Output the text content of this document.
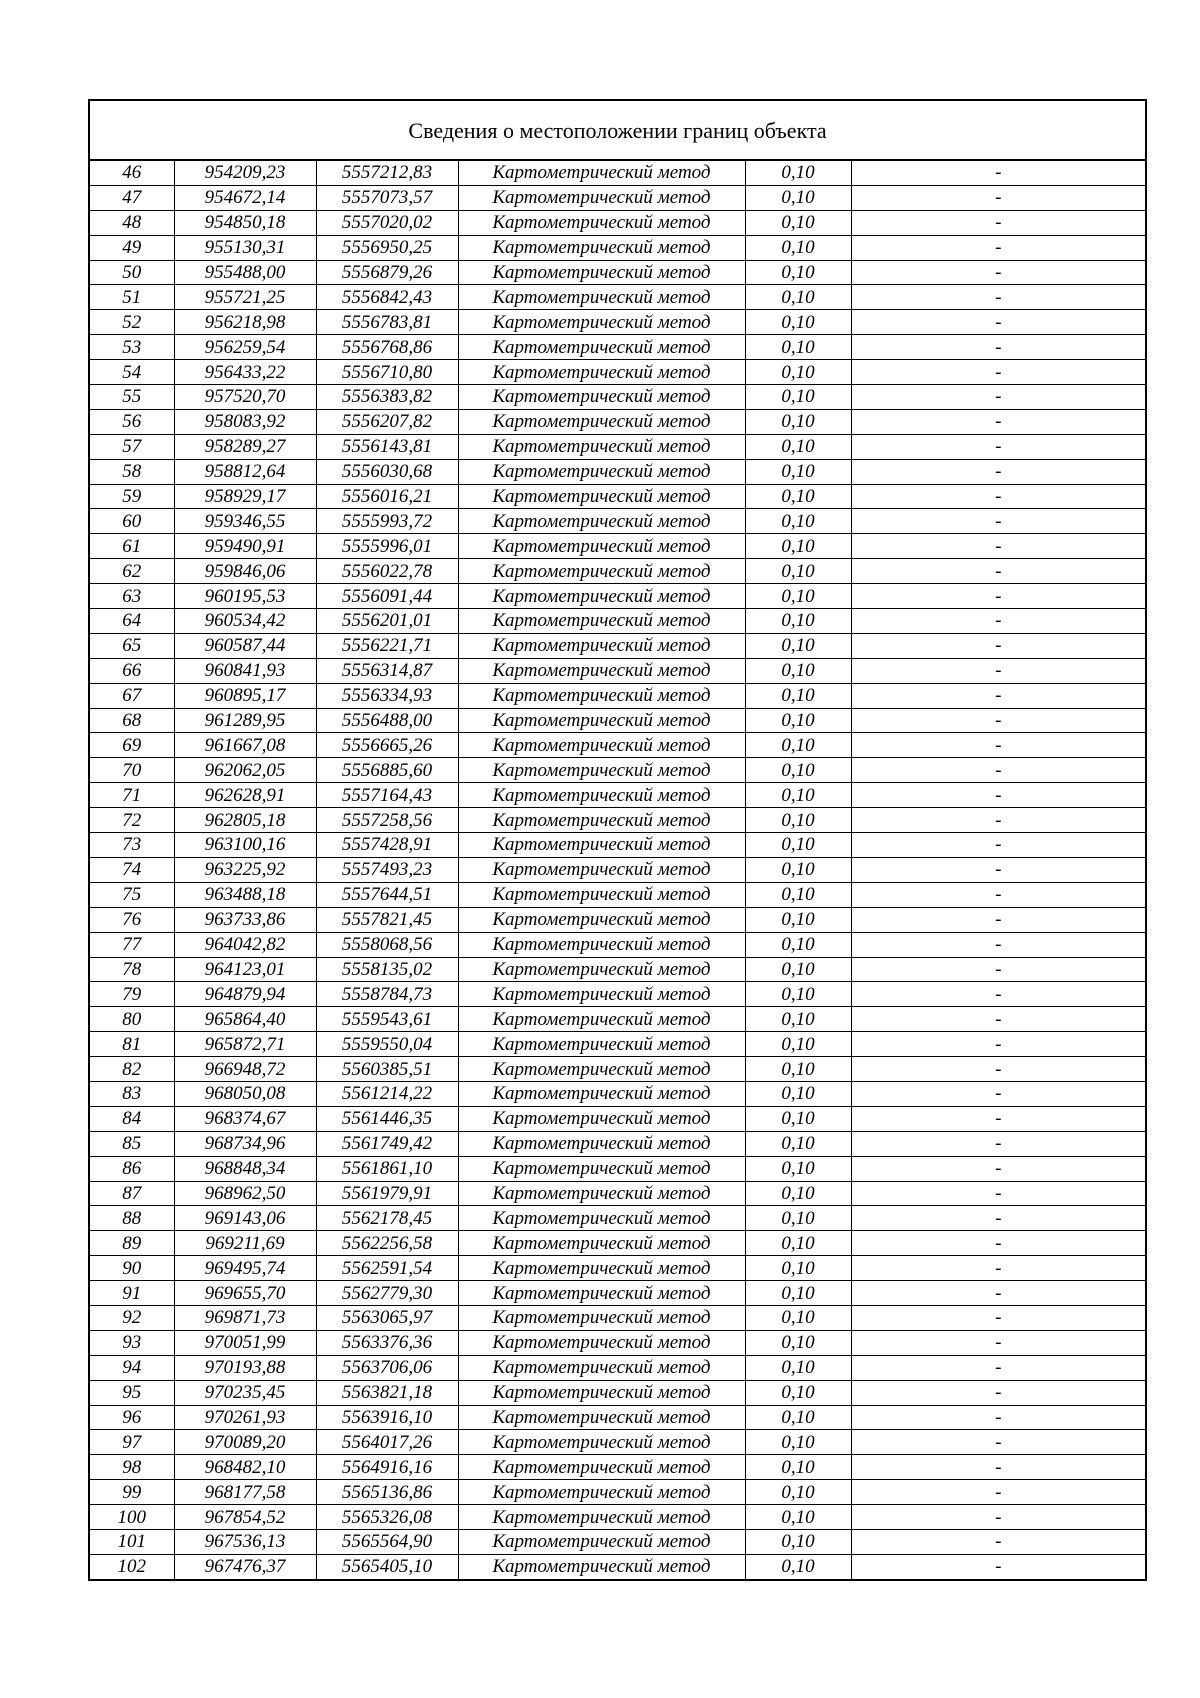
Сведения о местоположении границ объекта					
46	954209,23	5557212,83	Картометрический метод	0,10	-
47	954672,14	5557073,57	Картометрический метод	0,10	-
48	954850,18	5557020,02	Картометрический метод	0,10	-
49	955130,31	5556950,25	Картометрический метод	0,10	-
50	955488,00	5556879,26	Картометрический метод	0,10	-
51	955721,25	5556842,43	Картометрический метод	0,10	-
52	956218,98	5556783,81	Картометрический метод	0,10	-
53	956259,54	5556768,86	Картометрический метод	0,10	-
54	956433,22	5556710,80	Картометрический метод	0,10	-
55	957520,70	5556383,82	Картометрический метод	0,10	-
56	958083,92	5556207,82	Картометрический метод	0,10	-
57	958289,27	5556143,81	Картометрический метод	0,10	-
58	958812,64	5556030,68	Картометрический метод	0,10	-
59	958929,17	5556016,21	Картометрический метод	0,10	-
60	959346,55	5555993,72	Картометрический метод	0,10	-
61	959490,91	5555996,01	Картометрический метод	0,10	-
62	959846,06	5556022,78	Картометрический метод	0,10	-
63	960195,53	5556091,44	Картометрический метод	0,10	-
64	960534,42	5556201,01	Картометрический метод	0,10	-
65	960587,44	5556221,71	Картометрический метод	0,10	-
66	960841,93	5556314,87	Картометрический метод	0,10	-
67	960895,17	5556334,93	Картометрический метод	0,10	-
68	961289,95	5556488,00	Картометрический метод	0,10	-
69	961667,08	5556665,26	Картометрический метод	0,10	-
70	962062,05	5556885,60	Картометрический метод	0,10	-
71	962628,91	5557164,43	Картометрический метод	0,10	-
72	962805,18	5557258,56	Картометрический метод	0,10	-
73	963100,16	5557428,91	Картометрический метод	0,10	-
74	963225,92	5557493,23	Картометрический метод	0,10	-
75	963488,18	5557644,51	Картометрический метод	0,10	-
76	963733,86	5557821,45	Картометрический метод	0,10	-
77	964042,82	5558068,56	Картометрический метод	0,10	-
78	964123,01	5558135,02	Картометрический метод	0,10	-
79	964879,94	5558784,73	Картометрический метод	0,10	-
80	965864,40	5559543,61	Картометрический метод	0,10	-
81	965872,71	5559550,04	Картометрический метод	0,10	-
82	966948,72	5560385,51	Картометрический метод	0,10	-
83	968050,08	5561214,22	Картометрический метод	0,10	-
84	968374,67	5561446,35	Картометрический метод	0,10	-
85	968734,96	5561749,42	Картометрический метод	0,10	-
86	968848,34	5561861,10	Картометрический метод	0,10	-
87	968962,50	5561979,91	Картометрический метод	0,10	-
88	969143,06	5562178,45	Картометрический метод	0,10	-
89	969211,69	5562256,58	Картометрический метод	0,10	-
90	969495,74	5562591,54	Картометрический метод	0,10	-
91	969655,70	5562779,30	Картометрический метод	0,10	-
92	969871,73	5563065,97	Картометрический метод	0,10	-
93	970051,99	5563376,36	Картометрический метод	0,10	-
94	970193,88	5563706,06	Картометрический метод	0,10	-
95	970235,45	5563821,18	Картометрический метод	0,10	-
96	970261,93	5563916,10	Картометрический метод	0,10	-
97	970089,20	5564017,26	Картометрический метод	0,10	-
98	968482,10	5564916,16	Картометрический метод	0,10	-
99	968177,58	5565136,86	Картометрический метод	0,10	-
100	967854,52	5565326,08	Картометрический метод	0,10	-
101	967536,13	5565564,90	Картометрический метод	0,10	-
102	967476,37	5565405,10	Картометрический метод	0,10	-
